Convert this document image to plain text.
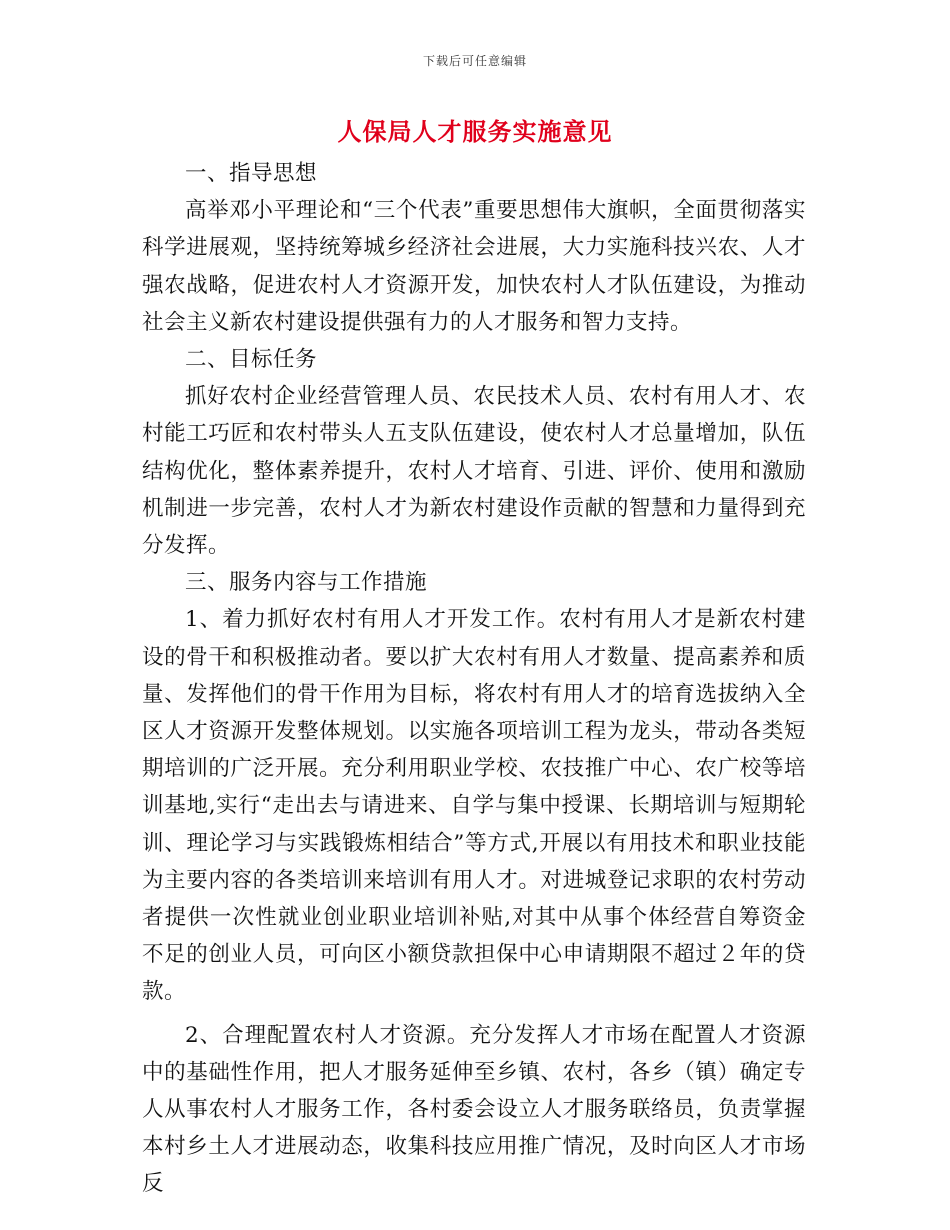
下载后可任意编辑
人保局人才服务实施意见

一、指导思想

高举邓小平理论和“三个代表”重要思想伟大旗帜，全面贯彻落实科学进展观，坚持统筹城乡经济社会进展，大力实施科技兴农、人才强农战略，促进农村人才资源开发，加快农村人才队伍建设，为推动社会主义新农村建设提供强有力的人才服务和智力支持。

二、目标任务

抓好农村企业经营管理人员、农民技术人员、农村有用人才、农村能工巧匠和农村带头人五支队伍建设，使农村人才总量增加，队伍结构优化，整体素养提升，农村人才培育、引进、评价、使用和激励机制进一步完善，农村人才为新农村建设作贡献的智慧和力量得到充分发挥。

三、服务内容与工作措施

1、着力抓好农村有用人才开发工作。农村有用人才是新农村建设的骨干和积极推动者。要以扩大农村有用人才数量、提高素养和质量、发挥他们的骨干作用为目标，将农村有用人才的培育选拔纳入全区人才资源开发整体规划。以实施各项培训工程为龙头，带动各类短期培训的广泛开展。充分利用职业学校、农技推广中心、农广校等培训基地,实行“走出去与请进来、自学与集中授课、长期培训与短期轮训、理论学习与实践锻炼相结合”等方式,开展以有用技术和职业技能为主要内容的各类培训来培训有用人才。对进城登记求职的农村劳动者提供一次性就业创业职业培训补贴,对其中从事个体经营自筹资金不足的创业人员，可向区小额贷款担保中心申请期限不超过２年的贷款。

2、合理配置农村人才资源。充分发挥人才市场在配置人才资源中的基础性作用，把人才服务延伸至乡镇、农村，各乡（镇）确定专人从事农村人才服务工作，各村委会设立人才服务联络员，负责掌握本村乡土人才进展动态，收集科技应用推广情况，及时向区人才市场反
